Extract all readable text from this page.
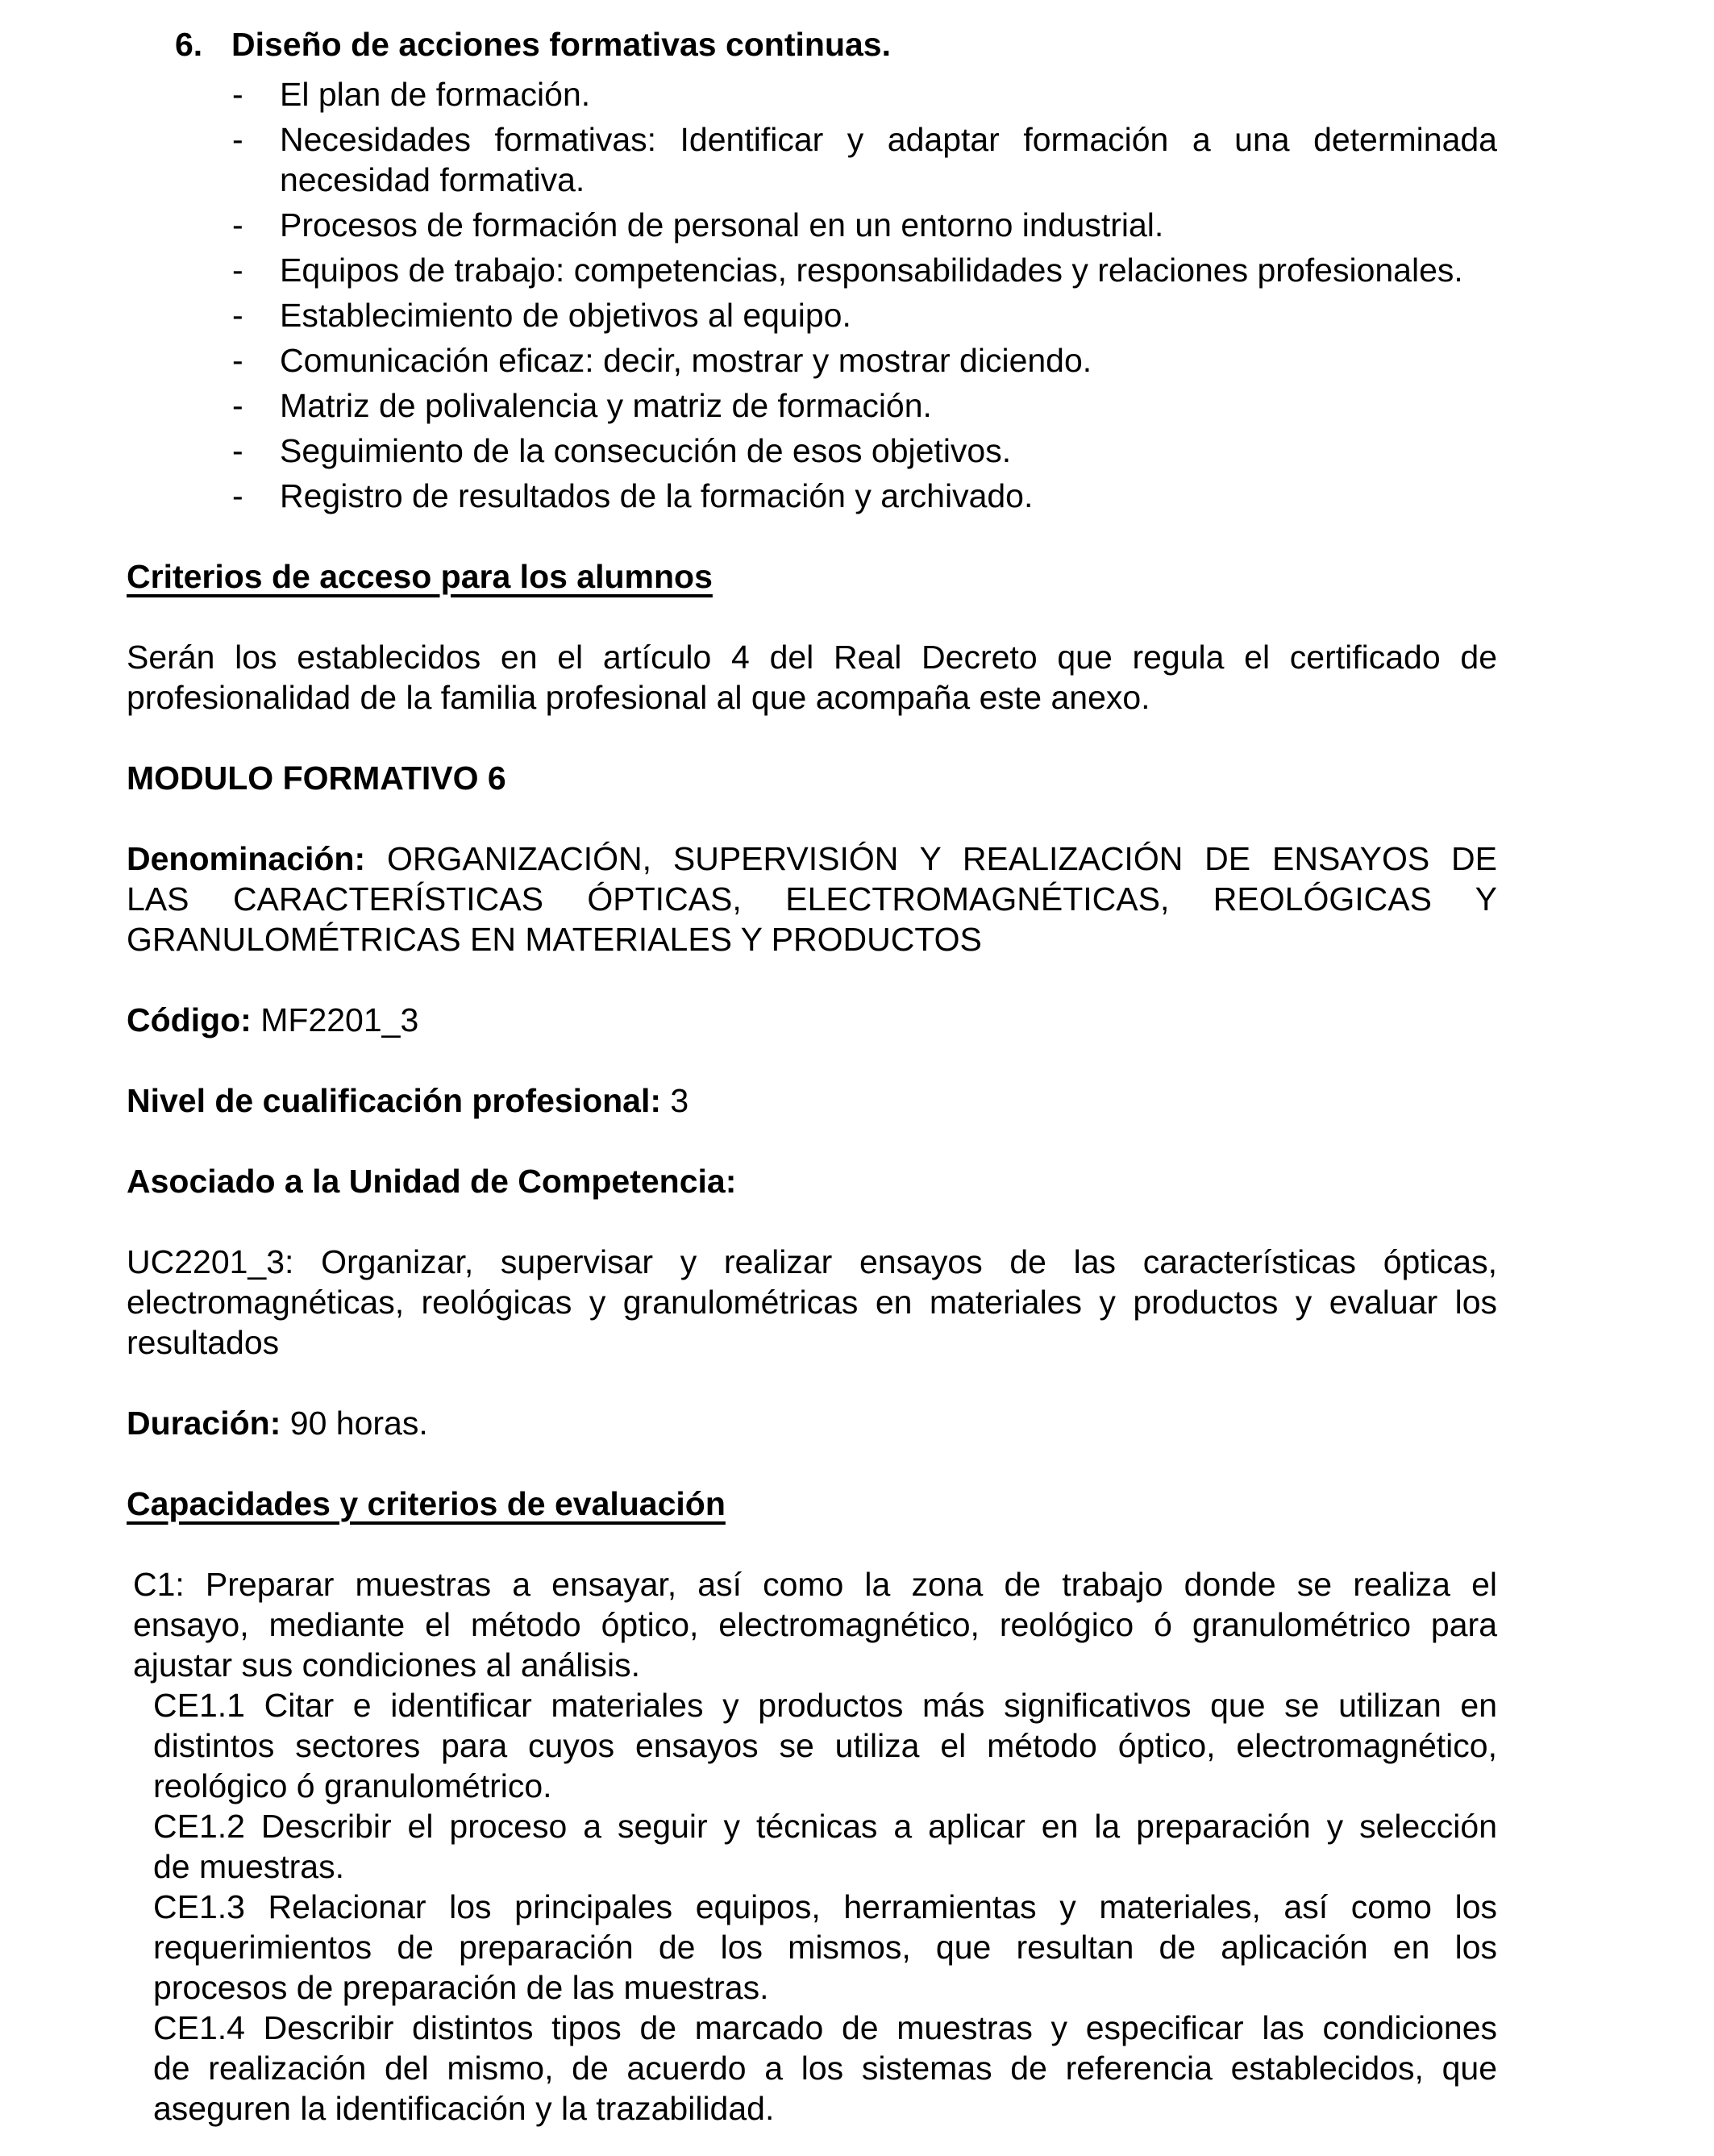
6. Diseño de acciones formativas continuas.
-	El plan de formación.
-	Necesidades formativas: Identificar y adaptar formación a una determinada necesidad formativa.
-	Procesos de formación de personal en un entorno industrial.
-	Equipos de trabajo: competencias, responsabilidades y relaciones profesionales.
-	Establecimiento de objetivos al equipo.
-	Comunicación eficaz: decir, mostrar y mostrar diciendo.
-	Matriz de polivalencia y matriz de formación.
-	Seguimiento de la consecución de esos objetivos.
-	Registro de resultados de la formación y archivado.
Criterios de acceso para los alumnos
Serán los establecidos en el artículo 4 del Real Decreto que regula el certificado de
profesionalidad de la familia profesional al que acompaña este anexo.
MODULO FORMATIVO 6
Denominación: ORGANIZACIÓN, SUPERVISIÓN Y REALIZACIÓN DE ENSAYOS DE
LAS CARACTERÍSTICAS ÓPTICAS, ELECTROMAGNÉTICAS, REOLÓGICAS Y
GRANULOMÉTRICAS EN MATERIALES Y PRODUCTOS
Código: MF2201_3
Nivel de cualificación profesional: 3
Asociado a la Unidad de Competencia:
UC2201_3: Organizar, supervisar y realizar ensayos de las características ópticas,
electromagnéticas, reológicas y granulométricas en materiales y productos y evaluar los
resultados
Duración: 90 horas.
Capacidades y criterios de evaluación
C1: Preparar muestras a ensayar, así como la zona de trabajo donde se realiza el
ensayo, mediante el método óptico, electromagnético, reológico ó granulométrico para
ajustar sus condiciones al análisis.
CE1.1 Citar e identificar materiales y productos más significativos que se utilizan en
distintos sectores para cuyos ensayos se utiliza el método óptico, electromagnético,
reológico ó granulométrico.
CE1.2 Describir el proceso a seguir y técnicas a aplicar en la preparación y selección
de muestras.
CE1.3 Relacionar los principales equipos, herramientas y materiales, así como los
requerimientos de preparación de los mismos, que resultan de aplicación en los
procesos de preparación de las muestras.
CE1.4 Describir distintos tipos de marcado de muestras y especificar las condiciones
de realización del mismo, de acuerdo a los sistemas de referencia establecidos, que
aseguren la identificación y la trazabilidad.
